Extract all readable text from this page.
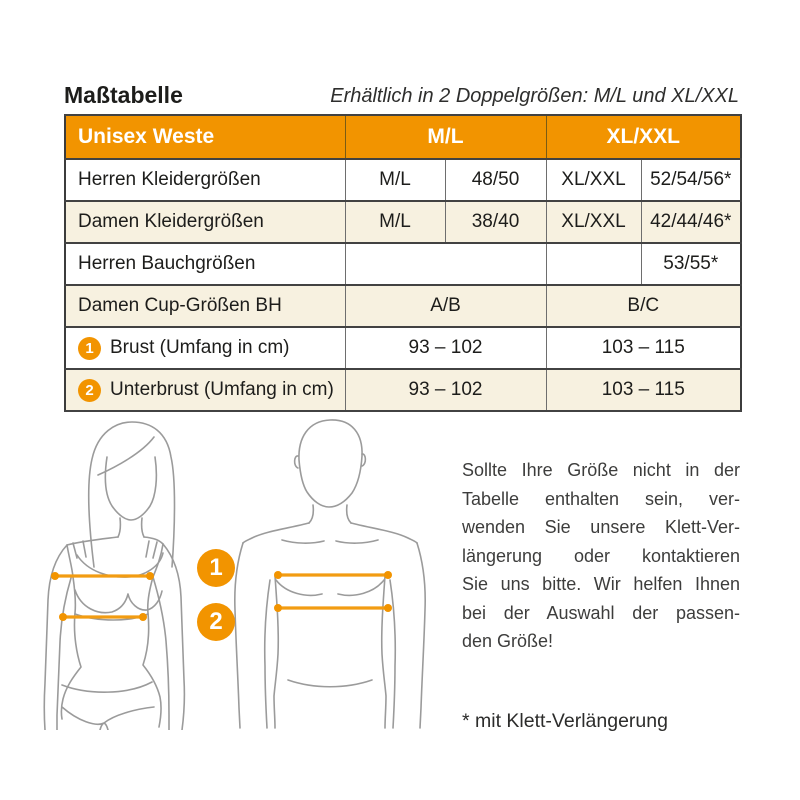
Maßtabelle	Erhältlich in 2 Doppelgrößen: M/L und XL/XXL
Unisex Weste	M/L		XL/XXL	
Herren Kleidergrößen	M/L	48/50	XL/XXL	52/54/56*
Damen Kleidergrößen	M/L	38/40	XL/XXL	42/44/46*
Herren Bauchgrößen				53/55*
Damen Cup-Größen BH	A/B		B/C	

1 Brust (Umfang in cm)	93 – 102		103 – 115	

2 Unterbrust (Umfang in cm)	93 – 102		103 – 115	
1
2
Sollte Ihre Größe nicht in der
Tabelle enthalten sein, ver-
wenden Sie unsere Klett-Ver-
längerung oder kontaktieren
Sie uns bitte. Wir helfen Ihnen
bei der Auswahl der passen-
den Größe!
* mit Klett-Verlängerung
